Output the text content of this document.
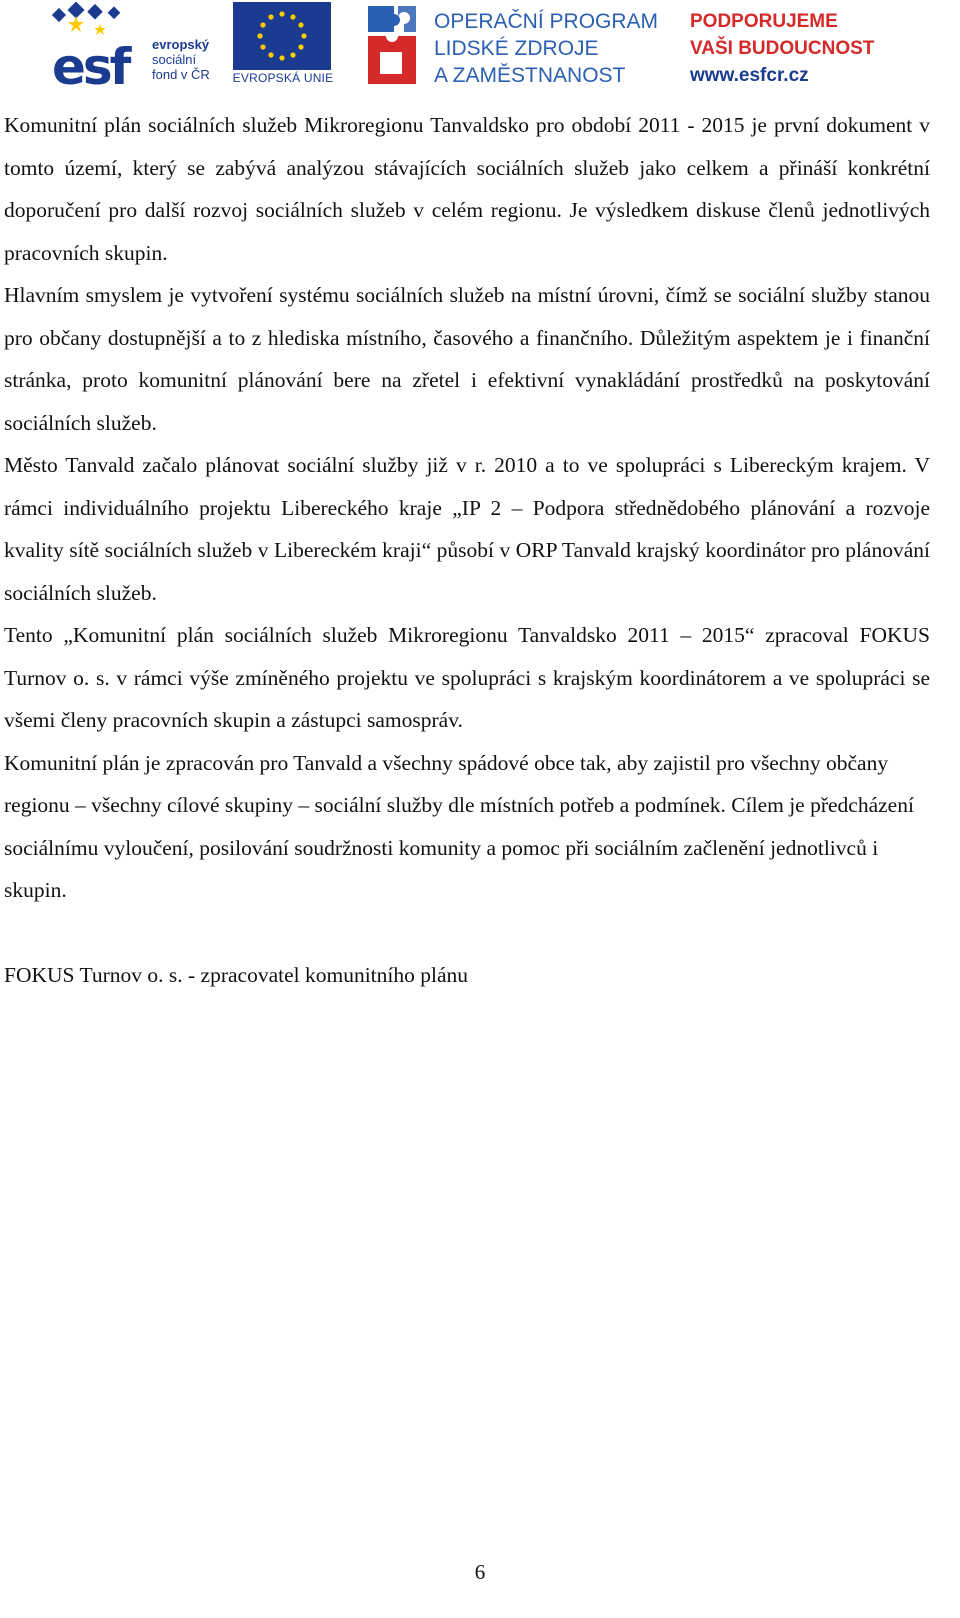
esf	evropský
sociální
fond v ČR	EVROPSKÁ UNIE
OPERAČNÍ PROGRAM
LIDSKÉ ZDROJE
A ZAMĚSTNANOST
PODPORUJEME
VAŠI BUDOUCNOST
www.esfcr.cz

Komunitní plán sociálních služeb Mikroregionu Tanvaldsko pro období 2011 - 2015 je první dokument v tomto území, který se zabývá analýzou stávajících sociálních služeb jako celkem a přináší konkrétní doporučení pro další rozvoj sociálních služeb v celém regionu. Je výsledkem diskuse členů jednotlivých pracovních skupin.

Hlavním smyslem je vytvoření systému sociálních služeb na místní úrovni, čímž se sociální služby stanou pro občany dostupnější a to z hlediska místního, časového a finančního. Důležitým aspektem je i finanční stránka, proto komunitní plánování bere na zřetel i efektivní vynakládání prostředků na poskytování sociálních služeb.

Město Tanvald začalo plánovat sociální služby již v r. 2010 a to ve spolupráci s Libereckým krajem. V rámci individuálního projektu Libereckého kraje „IP 2 – Podpora střednědobého plánování a rozvoje kvality sítě sociálních služeb v Libereckém kraji“ působí v ORP Tanvald krajský koordinátor pro plánování sociálních služeb.

Tento „Komunitní plán sociálních služeb Mikroregionu Tanvaldsko 2011 – 2015“ zpracoval FOKUS Turnov o. s. v rámci výše zmíněného projektu ve spolupráci s krajským koordinátorem a ve spolupráci se všemi členy pracovních skupin a zástupci samospráv.

Komunitní plán je zpracován pro Tanvald a všechny spádové obce tak, aby zajistil pro všechny občany regionu – všechny cílové skupiny – sociální služby dle místních potřeb a podmínek. Cílem je předcházení sociálnímu vyloučení, posilování soudržnosti komunity a pomoc při sociálním začlenění jednotlivců i skupin.

FOKUS Turnov o. s. - zpracovatel komunitního plánu

6
